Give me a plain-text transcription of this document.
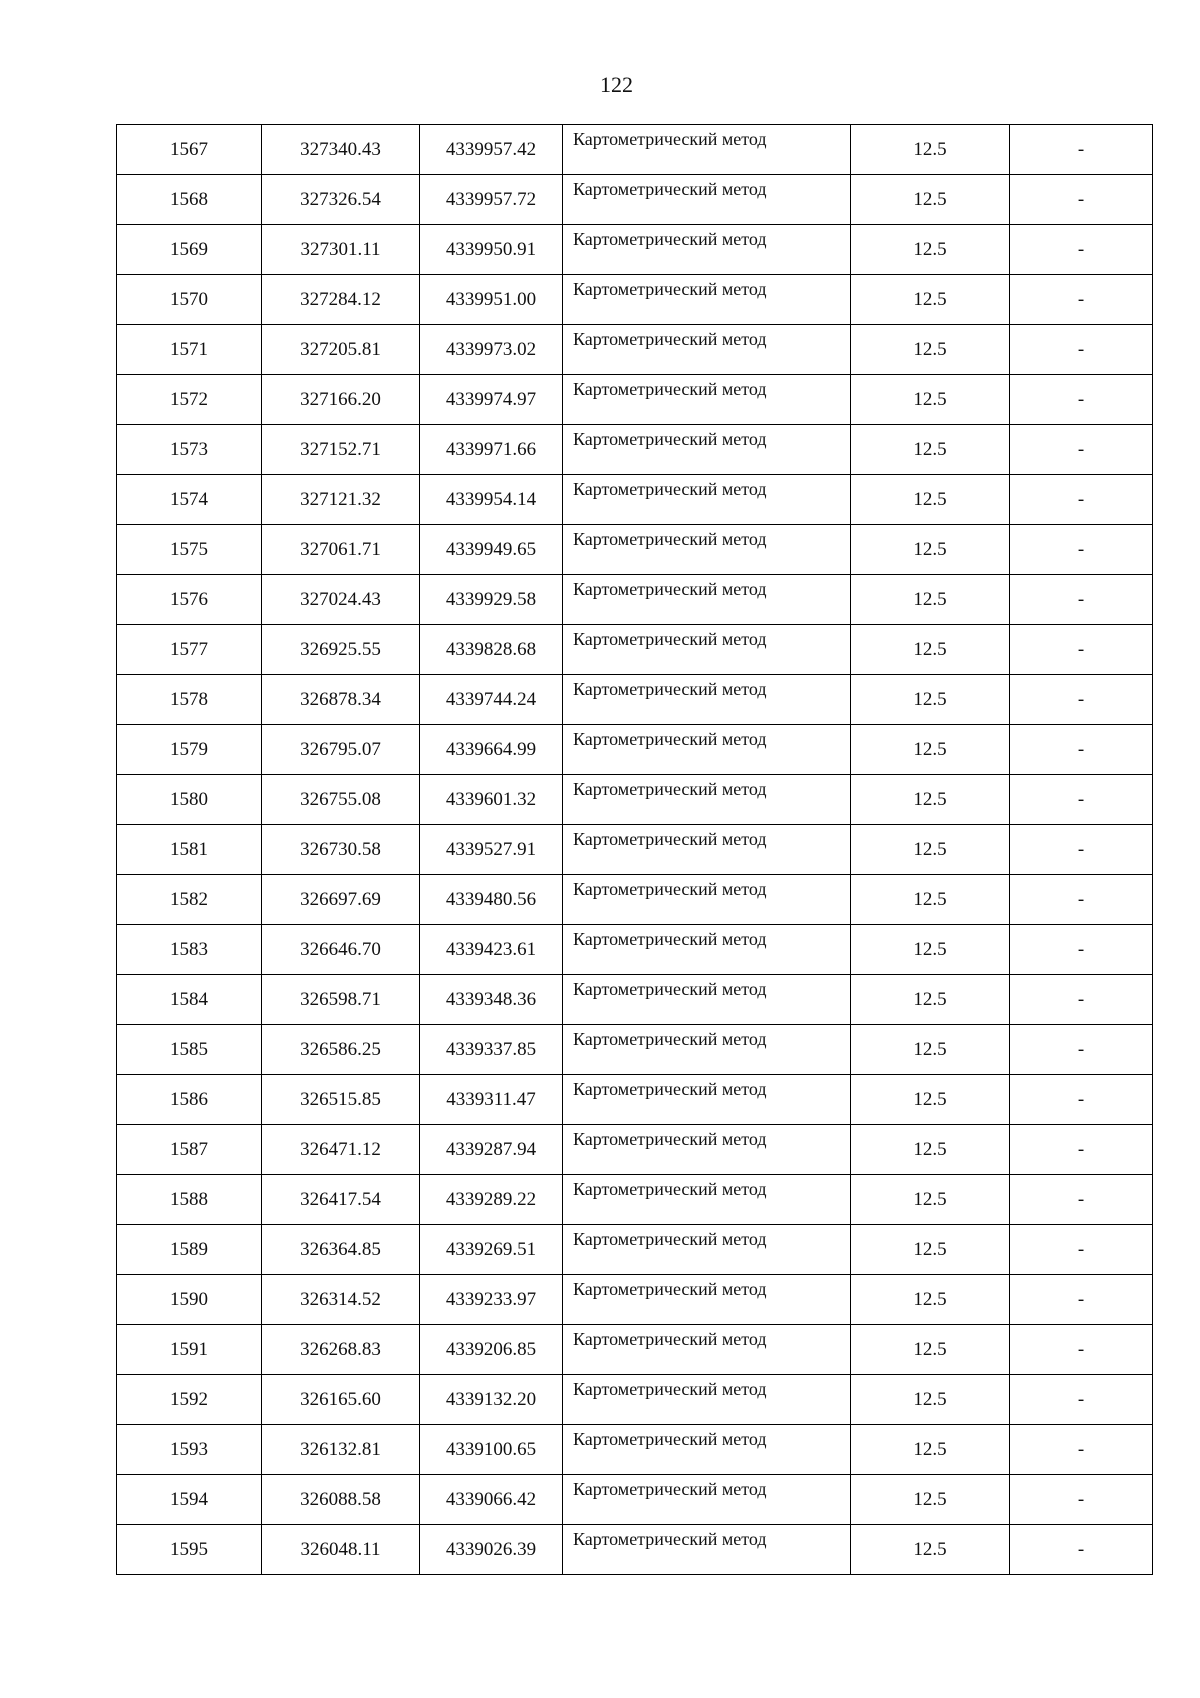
122
1567	327340.43	4339957.42	Картометрический метод	12.5	-
1568	327326.54	4339957.72	Картометрический метод	12.5	-
1569	327301.11	4339950.91	Картометрический метод	12.5	-
1570	327284.12	4339951.00	Картометрический метод	12.5	-
1571	327205.81	4339973.02	Картометрический метод	12.5	-
1572	327166.20	4339974.97	Картометрический метод	12.5	-
1573	327152.71	4339971.66	Картометрический метод	12.5	-
1574	327121.32	4339954.14	Картометрический метод	12.5	-
1575	327061.71	4339949.65	Картометрический метод	12.5	-
1576	327024.43	4339929.58	Картометрический метод	12.5	-
1577	326925.55	4339828.68	Картометрический метод	12.5	-
1578	326878.34	4339744.24	Картометрический метод	12.5	-
1579	326795.07	4339664.99	Картометрический метод	12.5	-
1580	326755.08	4339601.32	Картометрический метод	12.5	-
1581	326730.58	4339527.91	Картометрический метод	12.5	-
1582	326697.69	4339480.56	Картометрический метод	12.5	-
1583	326646.70	4339423.61	Картометрический метод	12.5	-
1584	326598.71	4339348.36	Картометрический метод	12.5	-
1585	326586.25	4339337.85	Картометрический метод	12.5	-
1586	326515.85	4339311.47	Картометрический метод	12.5	-
1587	326471.12	4339287.94	Картометрический метод	12.5	-
1588	326417.54	4339289.22	Картометрический метод	12.5	-
1589	326364.85	4339269.51	Картометрический метод	12.5	-
1590	326314.52	4339233.97	Картометрический метод	12.5	-
1591	326268.83	4339206.85	Картометрический метод	12.5	-
1592	326165.60	4339132.20	Картометрический метод	12.5	-
1593	326132.81	4339100.65	Картометрический метод	12.5	-
1594	326088.58	4339066.42	Картометрический метод	12.5	-
1595	326048.11	4339026.39	Картометрический метод	12.5	-
